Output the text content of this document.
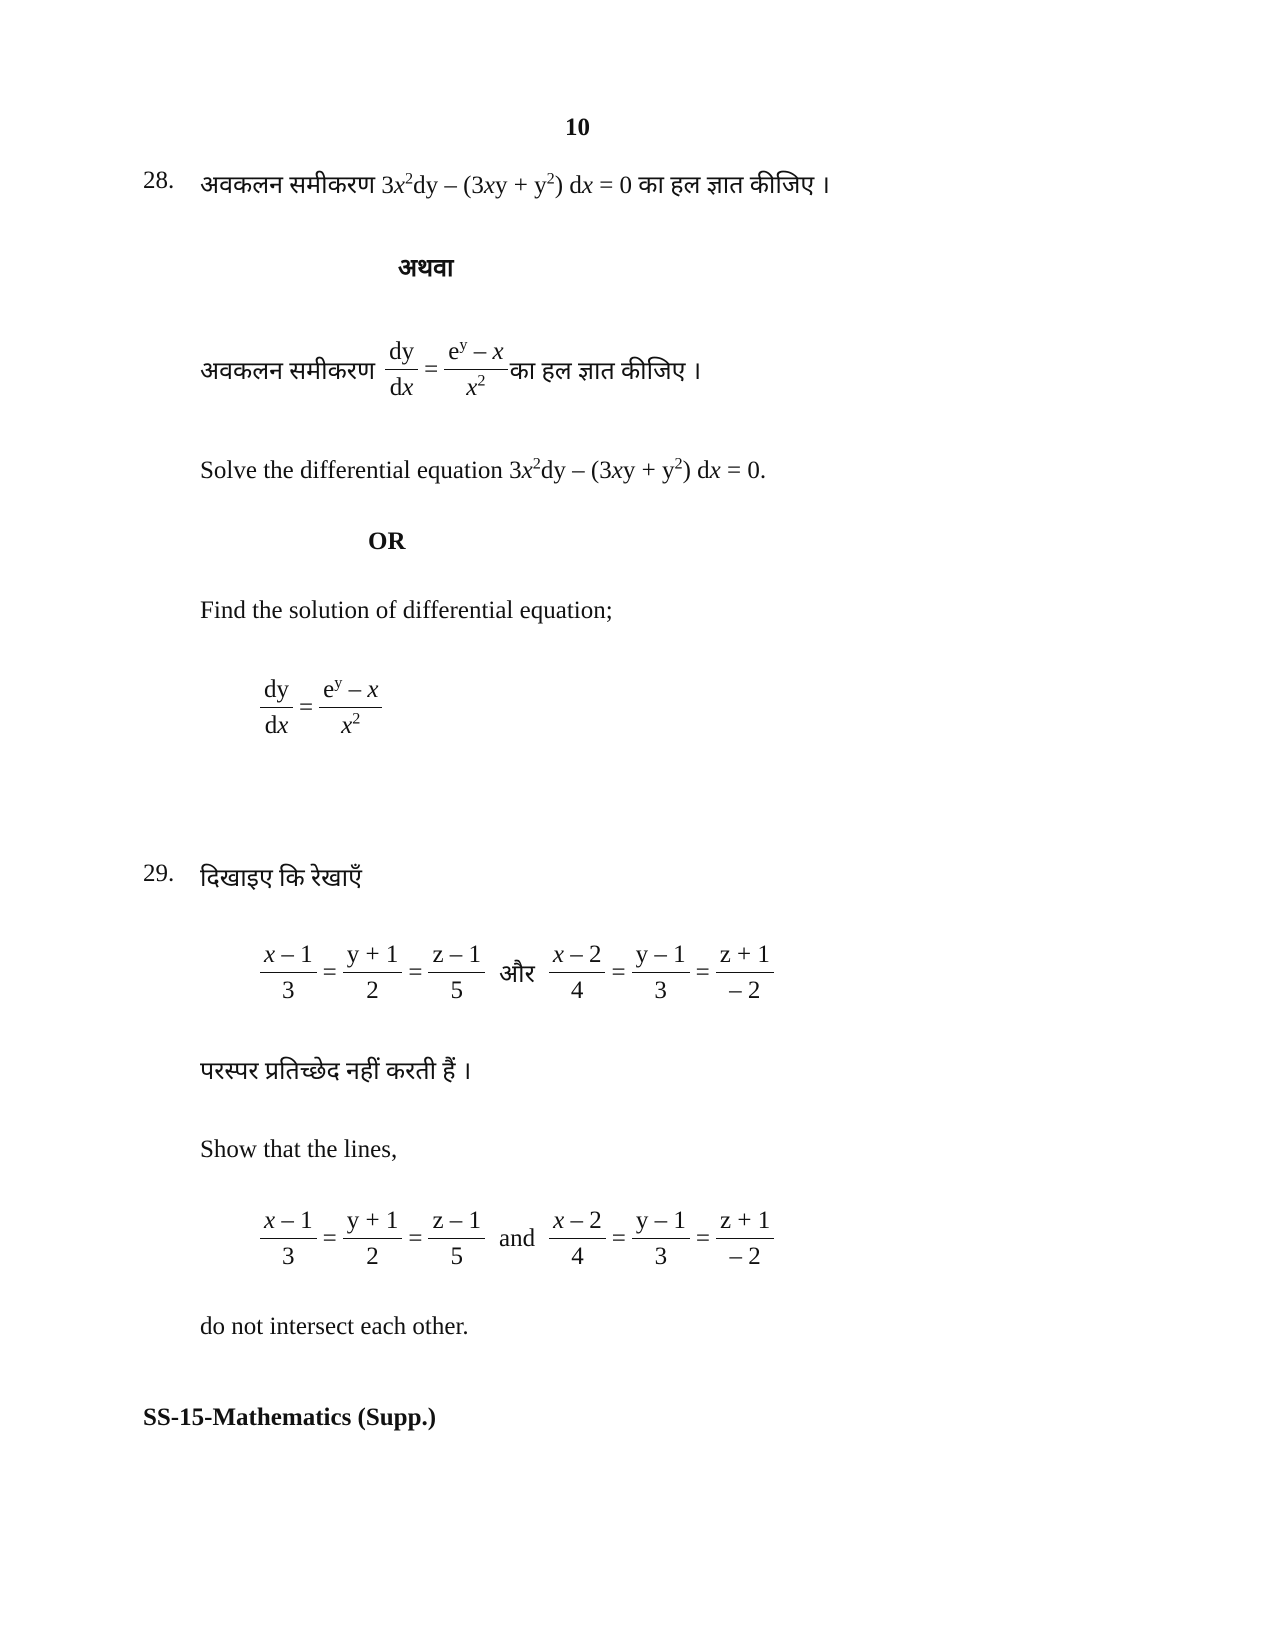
10
28. अवकलन समीकरण $3x^2dy - (3xy + y^2)$ dx = 0 का हल ज्ञात कीजिए ।
अथवा
अवकलन समीकरण $\frac{dy}{dx} = \frac{e^y - x}{x^2}$ का हल ज्ञात कीजिए ।
Solve the differential equation $3x^2dy - (3xy + y^2)$ dx = 0.
OR
Find the solution of differential equation;
$\frac{dy}{dx} = \frac{e^y - x}{x^2}$
29. दिखाइए कि रेखाएँ
$\frac{x - 1}{3} = \frac{y + 1}{2} = \frac{z - 1}{5}$ और $\frac{x - 2}{4} = \frac{y - 1}{3} = \frac{z + 1}{- 2}$
परस्पर प्रतिच्छेद नहीं करती हैं ।
Show that the lines,
$\frac{x - 1}{3} = \frac{y + 1}{2} = \frac{z - 1}{5}$ and $\frac{x - 2}{4} = \frac{y - 1}{3} = \frac{z + 1}{- 2}$
do not intersect each other.
SS-15-Mathematics (Supp.)
